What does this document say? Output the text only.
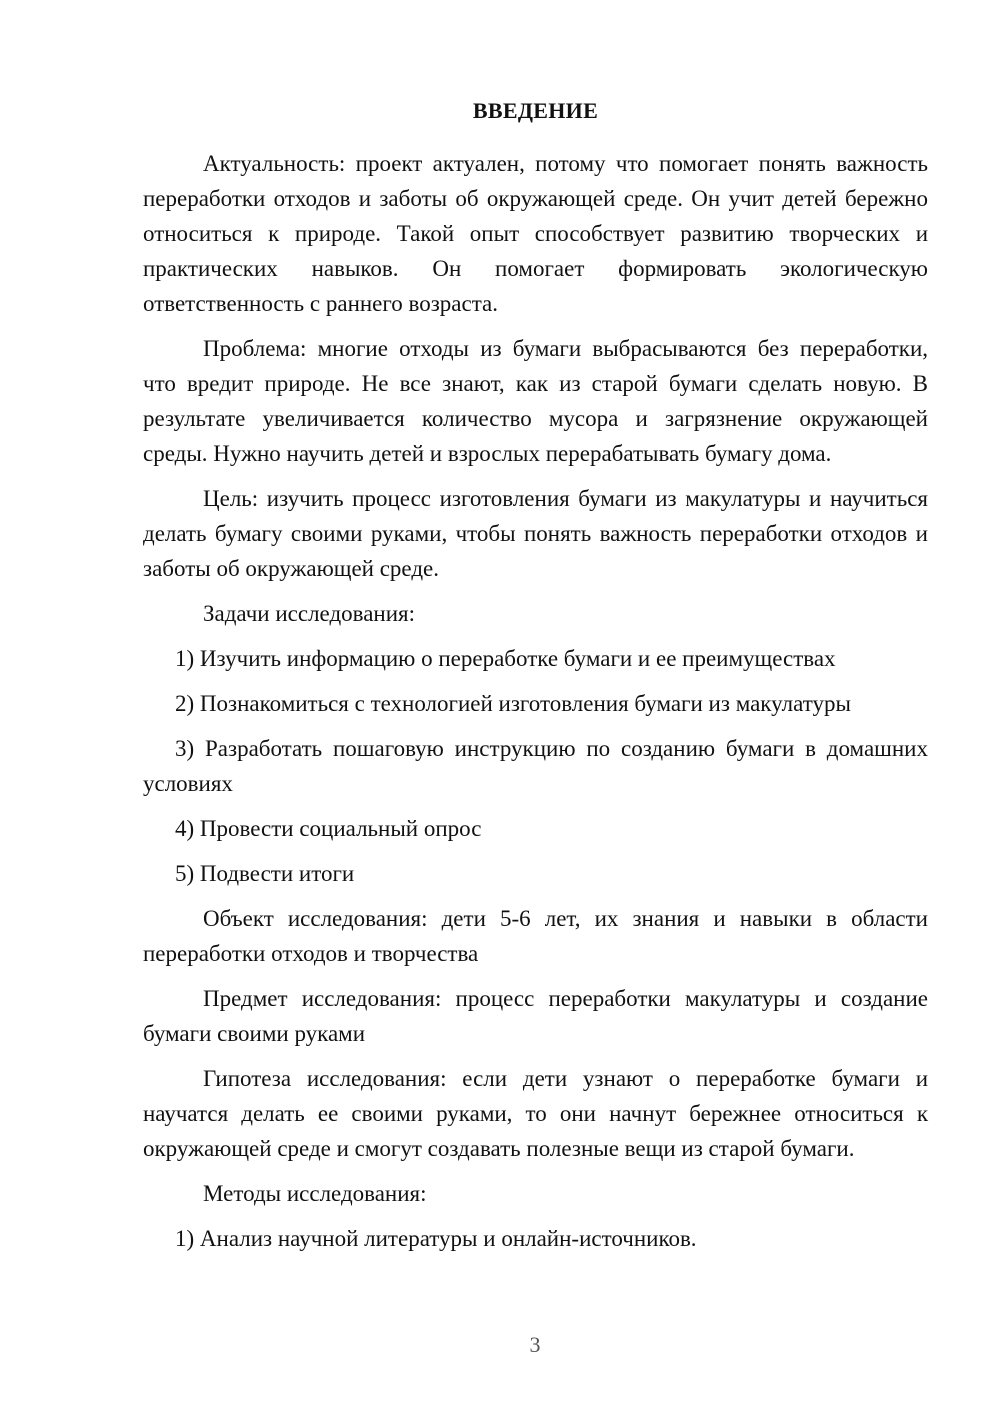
ВВЕДЕНИЕ

Актуальность: проект актуален, потому что помогает понять важность переработки отходов и заботы об окружающей среде. Он учит детей бережно относиться к природе. Такой опыт способствует развитию творческих и практических навыков. Он помогает формировать экологическую ответственность с раннего возраста.

Проблема: многие отходы из бумаги выбрасываются без переработки, что вредит природе. Не все знают, как из старой бумаги сделать новую. В результате увеличивается количество мусора и загрязнение окружающей среды. Нужно научить детей и взрослых перерабатывать бумагу дома.

Цель: изучить процесс изготовления бумаги из макулатуры и научиться делать бумагу своими руками, чтобы понять важность переработки отходов и заботы об окружающей среде.

Задачи исследования:

1) Изучить информацию о переработке бумаги и ее преимуществах

2) Познакомиться с технологией изготовления бумаги из макулатуры

3) Разработать пошаговую инструкцию по созданию бумаги в домашних условиях

4) Провести социальный опрос

5) Подвести итоги

Объект исследования: дети 5-6 лет, их знания и навыки в области переработки отходов и творчества

Предмет исследования: процесс переработки макулатуры и создание бумаги своими руками

Гипотеза исследования: если дети узнают о переработке бумаги и научатся делать ее своими руками, то они начнут бережнее относиться к окружающей среде и смогут создавать полезные вещи из старой бумаги.

Методы исследования:

1) Анализ научной литературы и онлайн-источников.

3
